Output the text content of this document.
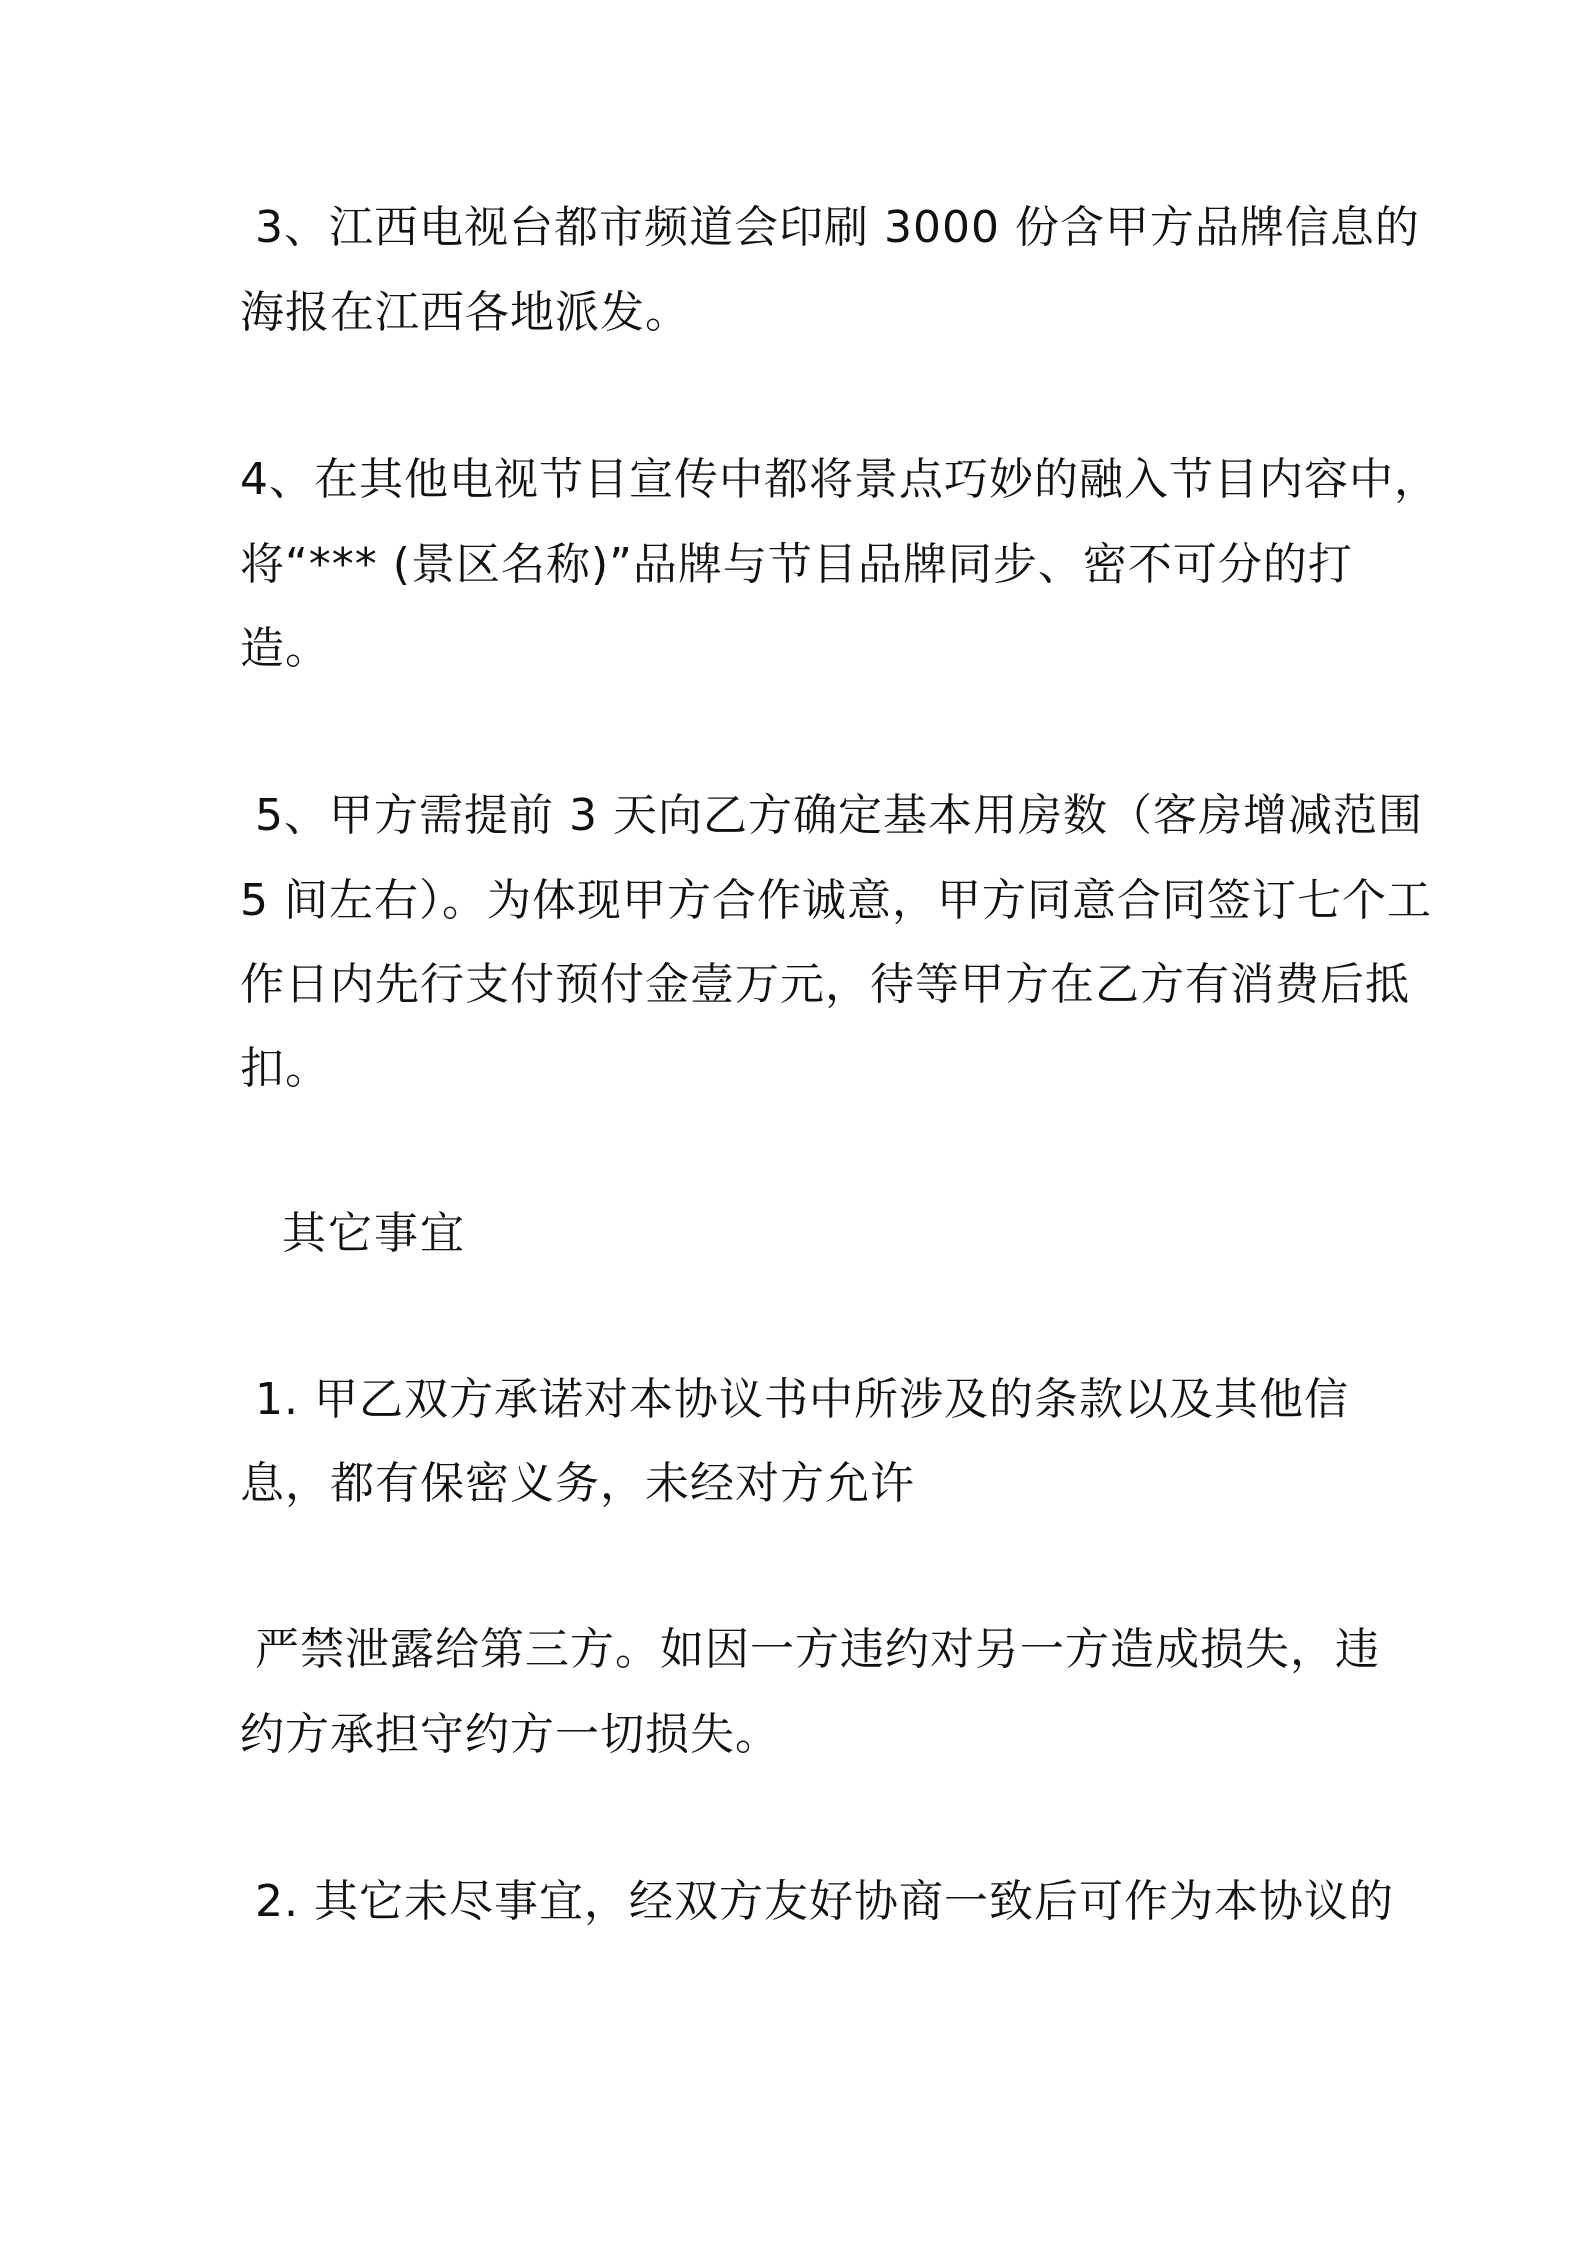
3、江西电视台都市频道会印刷 3000 份含甲方品牌信息的
海报在江西各地派发。
4、在其他电视节目宣传中都将景点巧妙的融入节目内容中，
将“*** (景区名称)”品牌与节目品牌同步、密不可分的打
造。
5、甲方需提前 3 天向乙方确定基本用房数（客房增减范围
5 间左右）。为体现甲方合作诚意，甲方同意合同签订七个工
作日内先行支付预付金壹万元，待等甲方在乙方有消费后抵
扣。
其它事宜
1. 甲乙双方承诺对本协议书中所涉及的条款以及其他信
息，都有保密义务，未经对方允许
严禁泄露给第三方。如因一方违约对另一方造成损失，违
约方承担守约方一切损失。
2. 其它未尽事宜，经双方友好协商一致后可作为本协议的
